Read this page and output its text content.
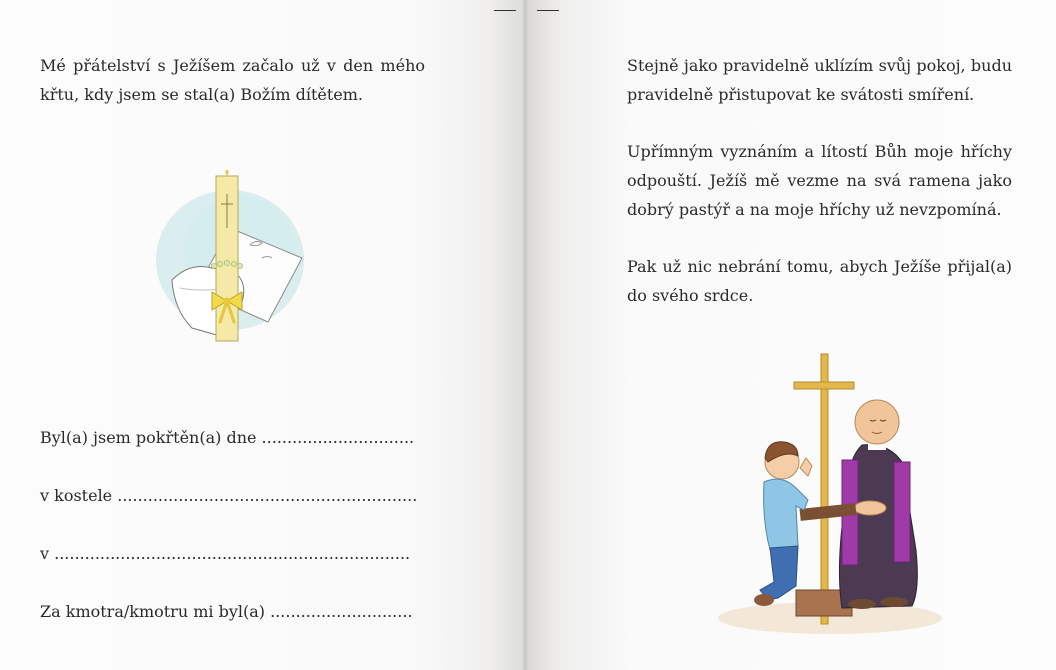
Mé přátelství s Ježíšem začalo už v den mého křtu, kdy jsem se stal(a) Božím dítětem.

Byl(a) jsem pokřtěn(a) dne ..............................
v kostele ...........................................................
v ......................................................................
Za kmotra/kmotru mi byl(a) ............................

Stejně jako pravidelně uklízím svůj pokoj, budu pravidelně přistupovat ke svátosti smíření.

Upřímným vyznáním a lítostí Bůh moje hříchy odpouští. Ježíš mě vezme na svá ramena jako dobrý pastýř a na moje hříchy už nevzpomíná.

Pak už nic nebrání tomu, abych Ježíše přijal(a) do svého srdce.
